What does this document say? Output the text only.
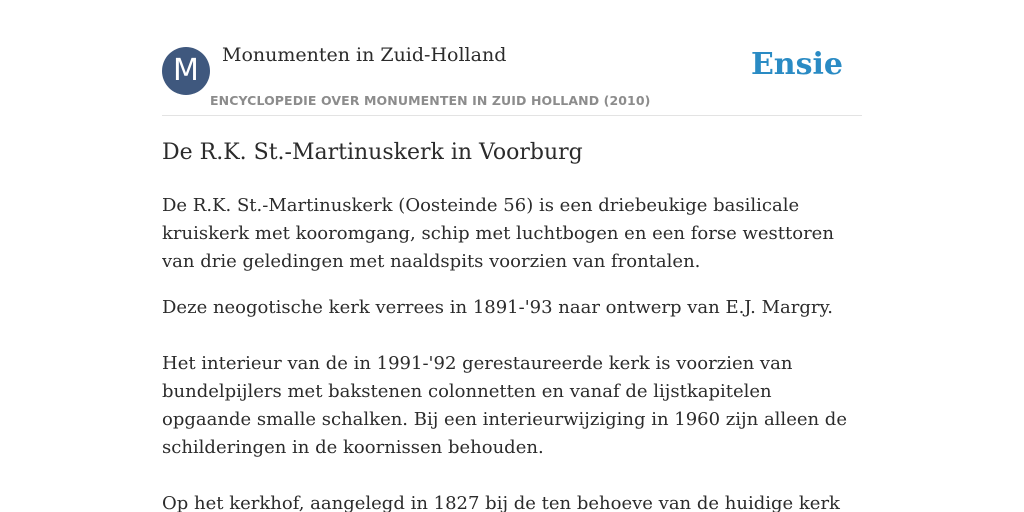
M	Monumenten in Zuid-Holland
ENCYCLOPEDIE OVER MONUMENTEN IN ZUID HOLLAND (2010)
Ensie
De R.K. St.-Martinuskerk in Voorburg

De R.K. St.-Martinuskerk (Oosteinde 56) is een driebeukige basilicale kruiskerk met kooromgang, schip met luchtbogen en een forse westtoren van drie geledingen met naaldspits voorzien van frontalen.

Deze neogotische kerk verrees in 1891-'93 naar ontwerp van E.J. Margry.

Het interieur van de in 1991-'92 gerestaureerde kerk is voorzien van bundelpijlers met bakstenen colonnetten en vanaf de lijstkapitelen opgaande smalle schalken. Bij een interieurwijziging in 1960 zijn alleen de schilderingen in de koornissen behouden.

Op het kerkhof, aangelegd in 1827 bij de ten behoeve van de huidige kerk
